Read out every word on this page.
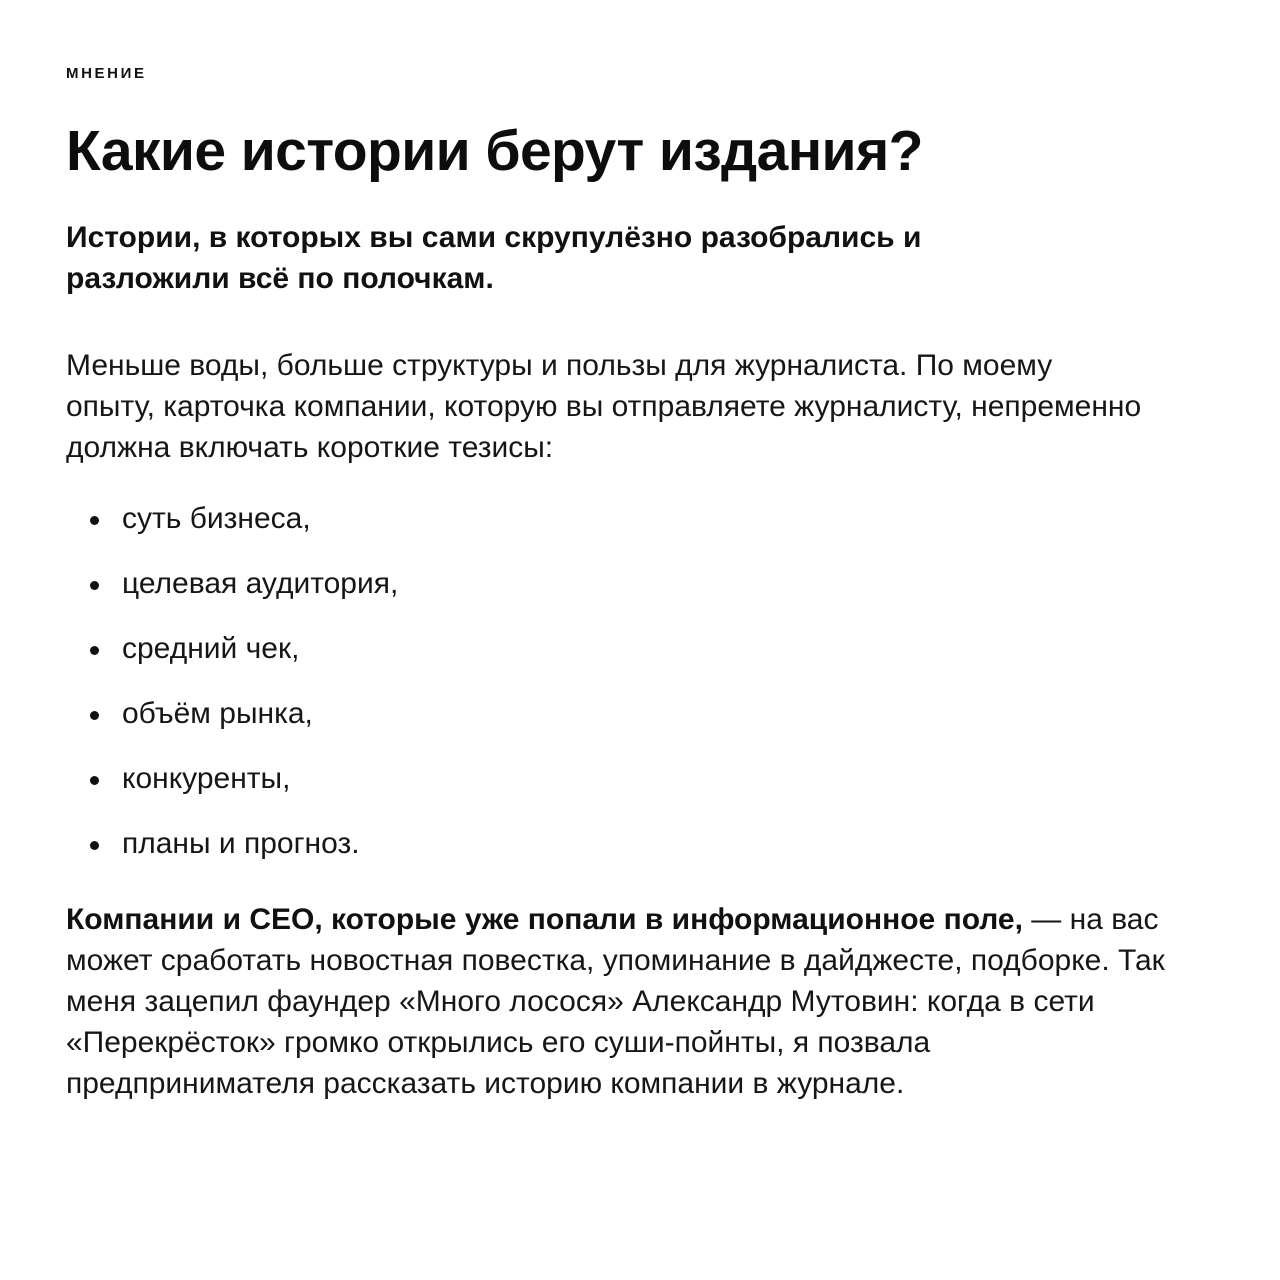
МНЕНИЕ
Какие истории берут издания?

Истории, в которых вы сами скрупулёзно разобрались и разложили всё по полочкам.

Меньше воды, больше структуры и пользы для журналиста. По моему опыту, карточка компании, которую вы отправляете журналисту, непременно должна включать короткие тезисы:

суть бизнеса,
целевая аудитория,
средний чек,
объём рынка,
конкуренты,
планы и прогноз.

Компании и CEO, которые уже попали в информационное поле, — на вас может сработать новостная повестка, упоминание в дайджесте, подборке. Так меня зацепил фаундер «Много лосося» Александр Мутовин: когда в сети «Перекрёсток» громко открылись его суши-пойнты, я позвала предпринимателя рассказать историю компании в журнале.
